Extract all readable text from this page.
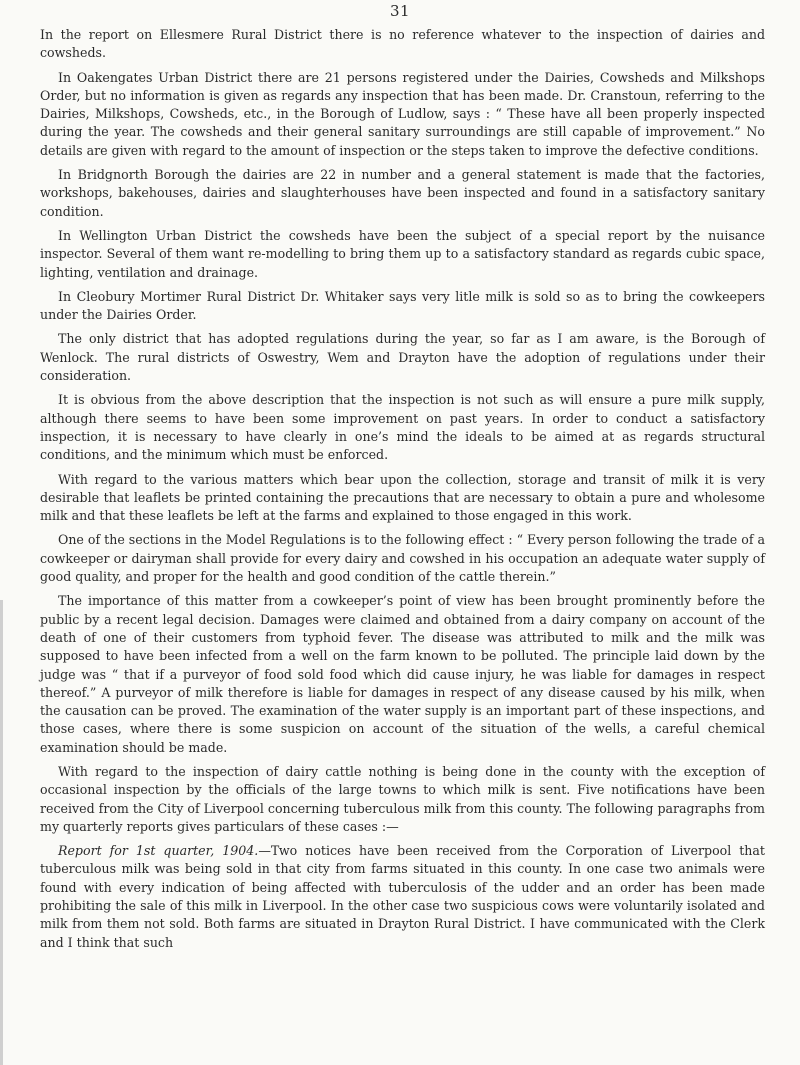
31

In the report on Ellesmere Rural District there is no reference whatever to the inspection of dairies and cowsheds.

In Oakengates Urban District there are 21 persons registered under the Dairies, Cowsheds and Milkshops Order, but no information is given as regards any inspection that has been made. Dr. Cranstoun, referring to the Dairies, Milkshops, Cowsheds, etc., in the Borough of Ludlow, says : “ These have all been properly inspected during the year. The cowsheds and their general sanitary surroundings are still capable of improvement.” No details are given with regard to the amount of inspection or the steps taken to improve the defective conditions.

In Bridgnorth Borough the dairies are 22 in number and a general statement is made that the factories, workshops, bakehouses, dairies and slaughterhouses have been inspected and found in a satisfactory sanitary condition.

In Wellington Urban District the cowsheds have been the subject of a special report by the nuisance inspector. Several of them want re-modelling to bring them up to a satisfactory standard as regards cubic space, lighting, ventilation and drainage.

In Cleobury Mortimer Rural District Dr. Whitaker says very litle milk is sold so as to bring the cowkeepers under the Dairies Order.

The only district that has adopted regulations during the year, so far as I am aware, is the Borough of Wenlock. The rural districts of Oswestry, Wem and Drayton have the adoption of regulations under their consideration.

It is obvious from the above description that the inspection is not such as will ensure a pure milk supply, although there seems to have been some improvement on past years. In order to conduct a satisfactory inspection, it is necessary to have clearly in one’s mind the ideals to be aimed at as regards structural conditions, and the minimum which must be enforced.

With regard to the various matters which bear upon the collection, storage and transit of milk it is very desirable that leaflets be printed containing the precautions that are necessary to obtain a pure and wholesome milk and that these leaflets be left at the farms and explained to those engaged in this work.

One of the sections in the Model Regulations is to the following effect : “ Every person following the trade of a cowkeeper or dairyman shall provide for every dairy and cowshed in his occupation an adequate water supply of good quality, and proper for the health and good condition of the cattle therein.”

The importance of this matter from a cowkeeper’s point of view has been brought prominently before the public by a recent legal decision. Damages were claimed and obtained from a dairy company on account of the death of one of their customers from typhoid fever. The disease was attributed to milk and the milk was supposed to have been infected from a well on the farm known to be polluted. The principle laid down by the judge was “ that if a purveyor of food sold food which did cause injury, he was liable for damages in respect thereof.” A purveyor of milk therefore is liable for damages in respect of any disease caused by his milk, when the causation can be proved. The examination of the water supply is an important part of these inspections, and those cases, where there is some suspicion on account of the situation of the wells, a careful chemical examination should be made.

With regard to the inspection of dairy cattle nothing is being done in the county with the exception of occasional inspection by the officials of the large towns to which milk is sent. Five notifications have been received from the City of Liverpool concerning tuberculous milk from this county. The following paragraphs from my quarterly reports gives particulars of these cases :—

Report for 1st quarter, 1904.—Two notices have been received from the Corporation of Liverpool that tuberculous milk was being sold in that city from farms situated in this county. In one case two animals were found with every indication of being affected with tuberculosis of the udder and an order has been made prohibiting the sale of this milk in Liverpool. In the other case two suspicious cows were voluntarily isolated and milk from them not sold. Both farms are situated in Drayton Rural District. I have communicated with the Clerk and I think that such
